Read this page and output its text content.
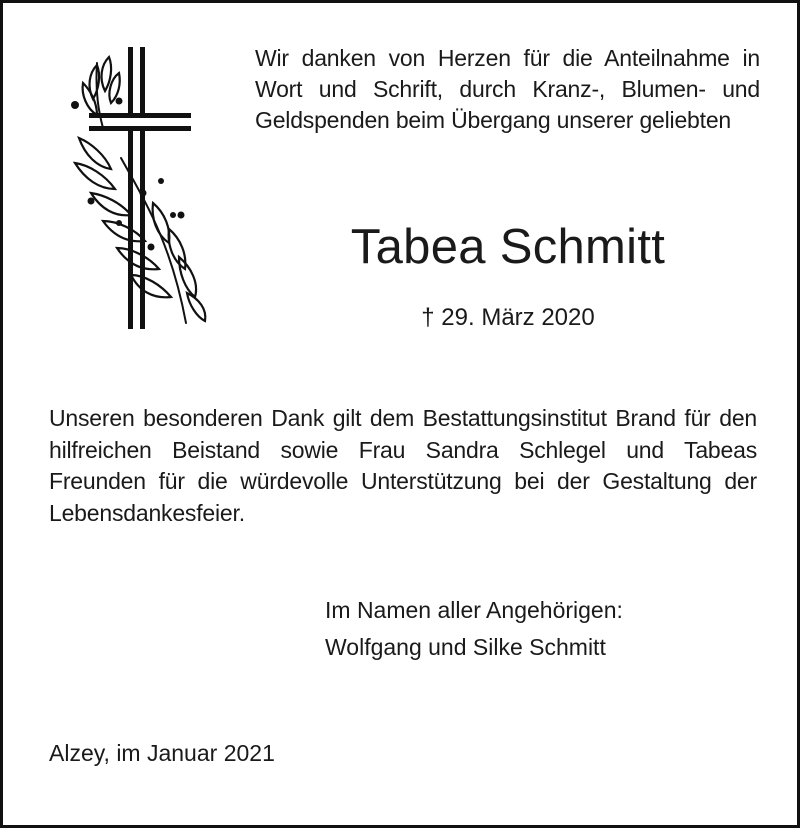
Wir danken von Herzen für die Anteilnahme in Wort und Schrift, durch Kranz-, Blumen- und Geldspenden beim Übergang unserer geliebten
Tabea Schmitt
† 29. März 2020
Unseren besonderen Dank gilt dem Bestattungsinstitut Brand für den hilfreichen Beistand sowie Frau Sandra Schlegel und Tabeas Freunden für die würdevolle Unterstützung bei der Gestaltung der Lebensdankesfeier.
Im Namen aller Angehörigen:
Wolfgang und Silke Schmitt
Alzey, im Januar 2021
